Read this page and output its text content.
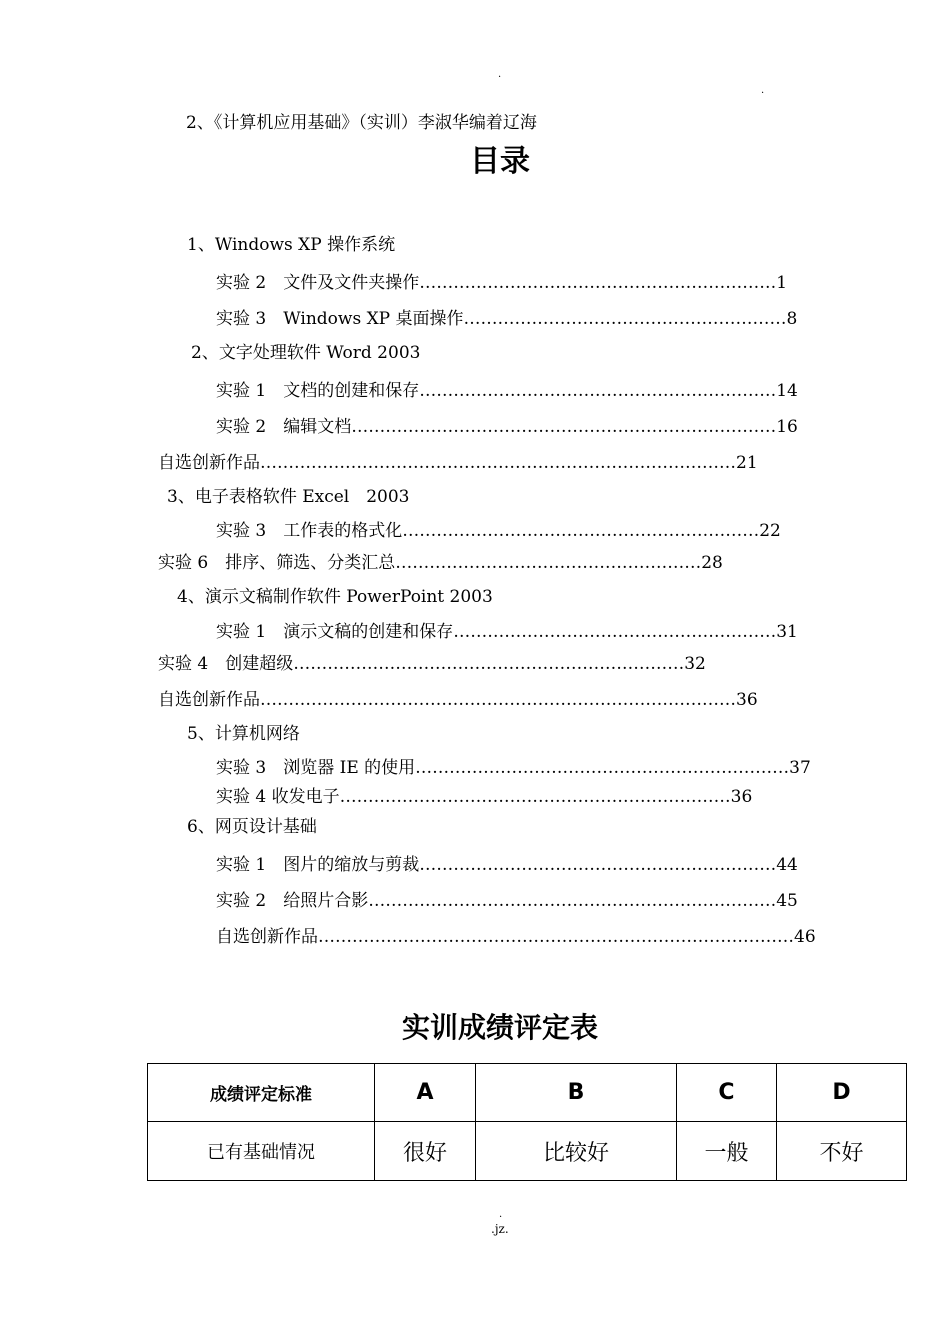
.
.
2、《计算机应用基础》（实训）李淑华编着辽海
目录
1、Windows XP 操作系统
实验 2　文件及文件夹操作………………………………………………………1
实验 3　Windows XP 桌面操作…………………………………………………8
2、文字处理软件 Word 2003
实验 1　文档的创建和保存………………………………………………………14
实验 2　编辑文档…………………………………………………………………16
自选创新作品…………………………………………………………………………21
3、电子表格软件 Excel　2003
实验 3　工作表的格式化………………………………………………………22
实验 6　排序、筛选、分类汇总………………………………………………28
4、演示文稿制作软件 PowerPoint 2003
实验 1　演示文稿的创建和保存…………………………………………………31
实验 4　创建超级……………………………………………………………32
自选创新作品…………………………………………………………………………36
5、计算机网络
实验 3　浏览器 IE 的使用…………………………………………………………37
实验 4 收发电子……………………………………………………………36
6、网页设计基础
实验 1　图片的缩放与剪裁………………………………………………………44
实验 2　给照片合影………………………………………………………………45
自选创新作品…………………………………………………………………………46
实训成绩评定表
成绩评定标准	A	B	C	D
已有基础情况	很好	比较好	一般	不好
.
.jz.
